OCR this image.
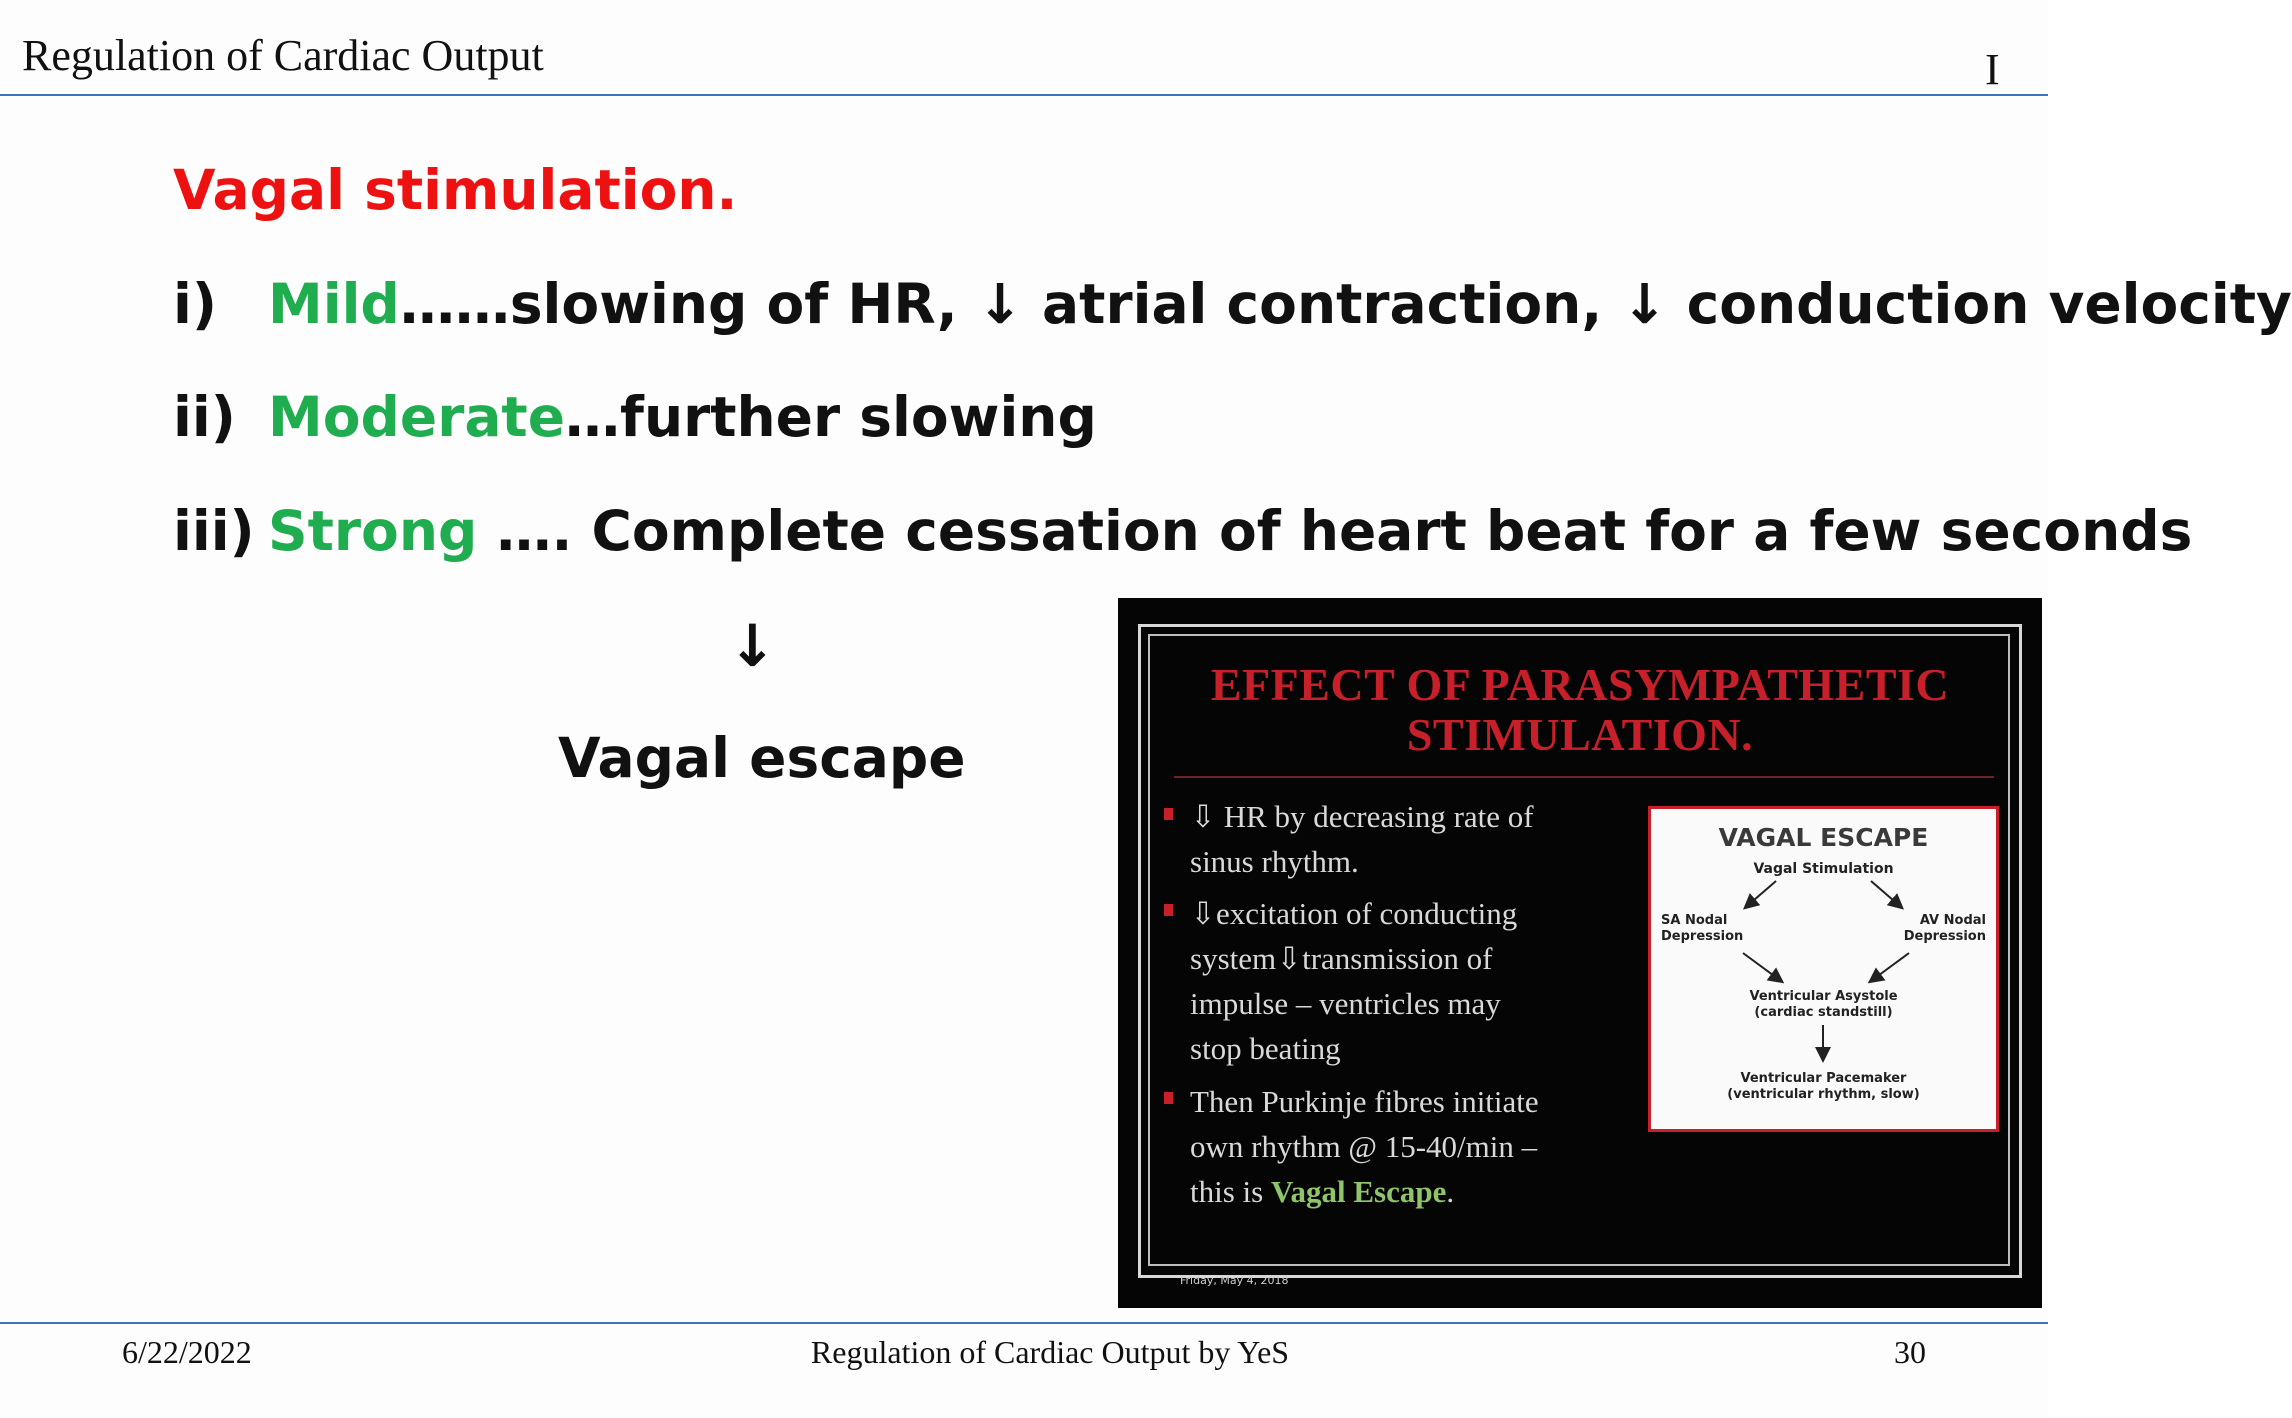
Regulation of Cardiac Output	I
Vagal stimulation.
i) Mild……slowing of HR, ↓ atrial contraction, ↓ conduction velocity
ii) Moderate…further slowing
iii) Strong …. Complete cessation of heart beat for a few seconds
↓
Vagal escape
EFFECT OF PARASYMPATHETIC
STIMULATION.
⇩ HR by decreasing rate of
sinus rhythm.
⇩excitation of conducting
system⇩transmission of
impulse – ventricles may
stop beating
Then Purkinje fibres initiate
own rhythm @ 15-40/min –
this is Vagal Escape.
VAGAL ESCAPE
Vagal Stimulation
SA Nodal
Depression
AV Nodal
Depression
Ventricular Asystole
(cardiac standstill)
Ventricular Pacemaker
(ventricular rhythm, slow)
Friday, May 4, 2018
6/22/2022	Regulation of Cardiac Output by YeS	30
